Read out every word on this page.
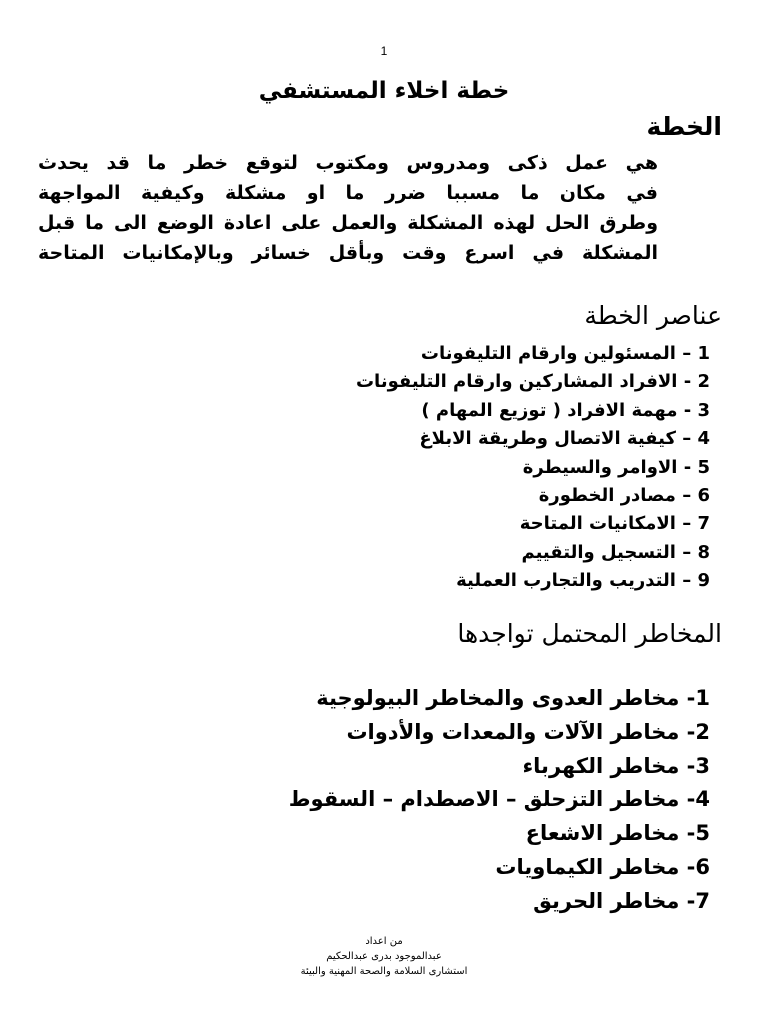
1
خطة اخلاء المستشفي
الخطة
هي عمل ذكى ومدروس ومكتوب لتوقع خطر ما قد يحدث
في مكان ما مسببا ضرر ما او مشكلة وكيفية المواجهة
وطرق الحل لهذه المشكلة والعمل على اعادة الوضع الى ما قبل
المشكلة في اسرع وقت وبأقل خسائر وبالإمكانيات المتاحة
عناصر الخطة
1 – المسئولين وارقام التليفونات
2 - الافراد المشاركين وارقام التليفونات
3 - مهمة الافراد ( توزيع المهام )
4 – كيفية الاتصال وطريقة الابلاغ
5 - الاوامر والسيطرة
6 – مصادر الخطورة
7 – الامكانيات المتاحة
8 – التسجيل والتقييم
9 – التدريب والتجارب العملية
المخاطر المحتمل تواجدها
1- مخاطر العدوى والمخاطر البيولوجية
2- مخاطر الآلات والمعدات والأدوات
3- مخاطر الكهرباء
4- مخاطر التزحلق – الاصطدام – السقوط
5- مخاطر الاشعاع
6- مخاطر الكيماويات
7- مخاطر الحريق
من اعداد
عبدالموجود بدرى عبدالحكيم
استشارى السلامة والصحة المهنية والبيئة
